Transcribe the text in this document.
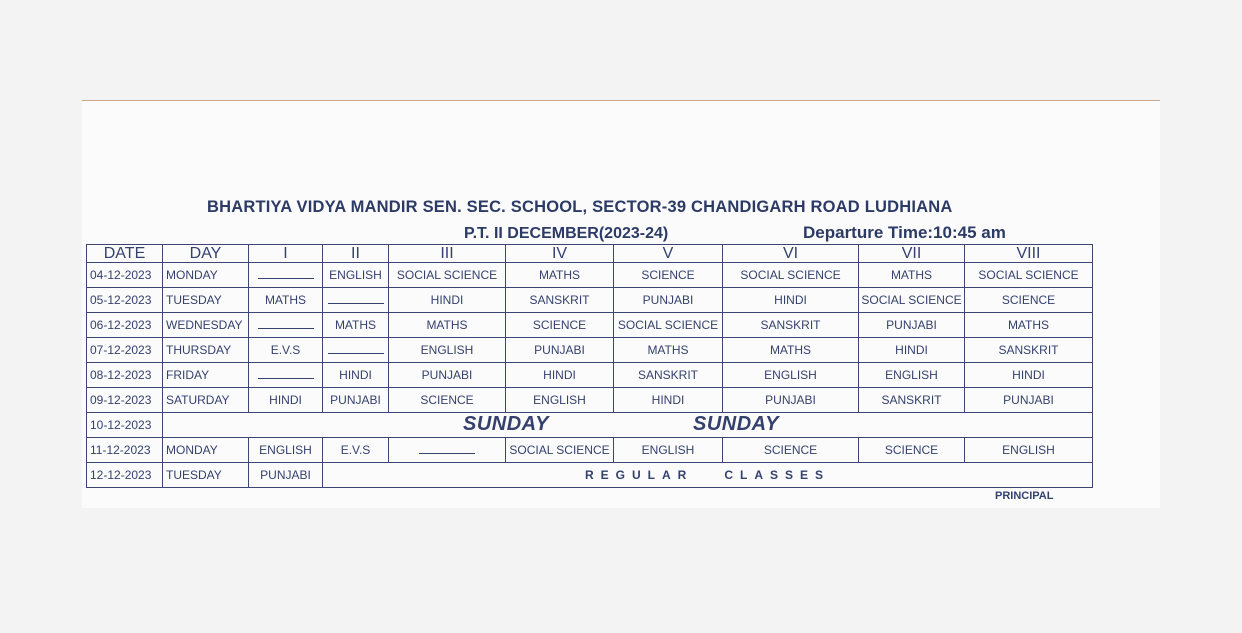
BHARTIYA VIDYA MANDIR SEN. SEC. SCHOOL, SECTOR-39 CHANDIGARH ROAD LUDHIANA
P.T. II DECEMBER(2023-24)	Departure Time:10:45 am
DATE	DAY	I	II	III	IV	V	VI	VII	VIII
04-12-2023	MONDAY		ENGLISH	SOCIAL SCIENCE	MATHS	SCIENCE	SOCIAL SCIENCE	MATHS	SOCIAL SCIENCE
05-12-2023	TUESDAY	MATHS		HINDI	SANSKRIT	PUNJABI	HINDI	SOCIAL SCIENCE	SCIENCE
06-12-2023	WEDNESDAY		MATHS	MATHS	SCIENCE	SOCIAL SCIENCE	SANSKRIT	PUNJABI	MATHS
07-12-2023	THURSDAY	E.V.S		ENGLISH	PUNJABI	MATHS	MATHS	HINDI	SANSKRIT
08-12-2023	FRIDAY		HINDI	PUNJABI	HINDI	SANSKRIT	ENGLISH	ENGLISH	HINDI
09-12-2023	SATURDAY	HINDI	PUNJABI	SCIENCE	ENGLISH	HINDI	PUNJABI	SANSKRIT	PUNJABI
10-12-2023	SUNDAY SUNDAY								

11-12-2023	MONDAY	ENGLISH	E.V.S		SOCIAL SCIENCE	ENGLISH	SCIENCE	SCIENCE	ENGLISH
12-12-2023	TUESDAY	PUNJABI	REGULAR   CLASSES						
PRINCIPAL
